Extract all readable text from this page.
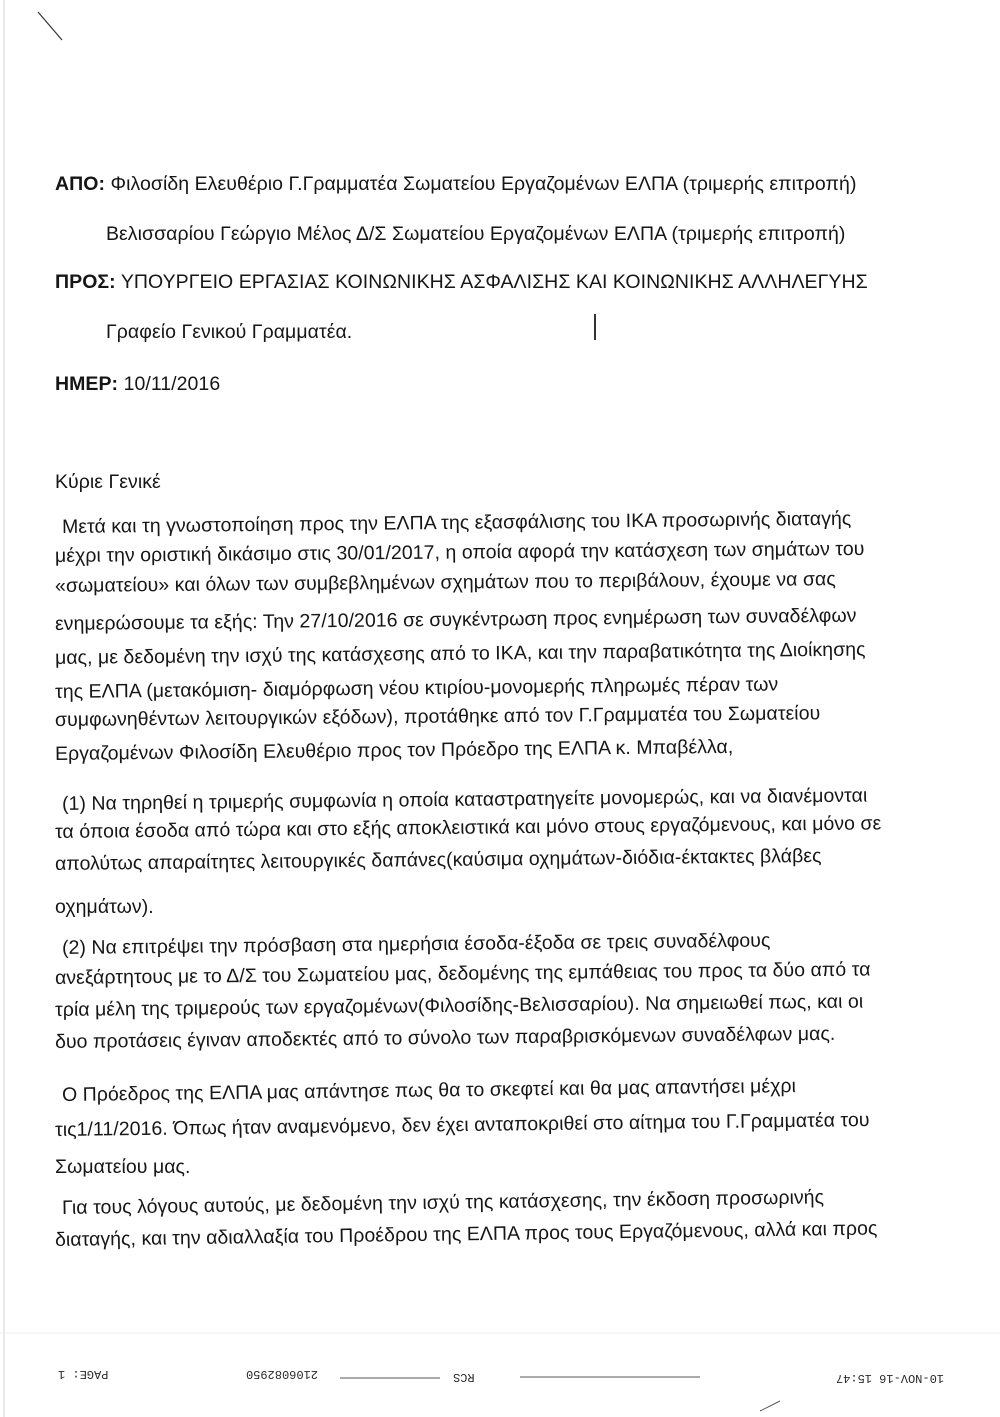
ΑΠΟ: Φιλοσίδη Ελευθέριο Γ.Γραμματέα Σωματείου Εργαζομένων ΕΛΠΑ (τριμερής επιτροπή)
Βελισσαρίου Γεώργιο Μέλος Δ/Σ Σωματείου Εργαζομένων ΕΛΠΑ (τριμερής επιτροπή)
ΠΡΟΣ: ΥΠΟΥΡΓΕΙΟ ΕΡΓΑΣΙΑΣ ΚΟΙΝΩΝΙΚΗΣ ΑΣΦΑΛΙΣΗΣ ΚΑΙ ΚΟΙΝΩΝΙΚΗΣ ΑΛΛΗΛΕΓΥΗΣ
Γραφείο Γενικού Γραμματέα.
ΗΜΕΡ: 10/11/2016
Κύριε Γενικέ
Μετά και τη γνωστοποίηση προς την ΕΛΠΑ της εξασφάλισης του ΙΚΑ προσωρινής διαταγής
μέχρι την οριστική δικάσιμο στις 30/01/2017, η οποία αφορά την κατάσχεση των σημάτων του
«σωματείου» και όλων των συμβεβλημένων σχημάτων που το περιβάλουν, έχουμε να σας
ενημερώσουμε τα εξής: Την 27/10/2016 σε συγκέντρωση προς ενημέρωση των συναδέλφων
μας, με δεδομένη την ισχύ της κατάσχεσης από το ΙΚΑ, και την παραβατικότητα της Διοίκησης
της ΕΛΠΑ (μετακόμιση- διαμόρφωση νέου κτιρίου-μονομερής πληρωμές πέραν των
συμφωνηθέντων λειτουργικών εξόδων), προτάθηκε από τον Γ.Γραμματέα του Σωματείου
Εργαζομένων Φιλοσίδη Ελευθέριο προς τον Πρόεδρο της ΕΛΠΑ κ. Μπαβέλλα,
(1) Να τηρηθεί η τριμερής συμφωνία η οποία καταστρατηγείτε μονομερώς, και να διανέμονται
τα όποια έσοδα από τώρα και στο εξής αποκλειστικά και μόνο στους εργαζόμενους, και μόνο σε
απολύτως απαραίτητες λειτουργικές δαπάνες(καύσιμα οχημάτων-διόδια-έκτακτες βλάβες
οχημάτων).
(2) Να επιτρέψει την πρόσβαση στα ημερήσια έσοδα-έξοδα σε τρεις συναδέλφους
ανεξάρτητους με το Δ/Σ του Σωματείου μας, δεδομένης της εμπάθειας του προς τα δύο από τα
τρία μέλη της τριμερούς των εργαζομένων(Φιλοσίδης-Βελισσαρίου). Να σημειωθεί πως, και οι
δυο προτάσεις έγιναν αποδεκτές από το σύνολο των παραβρισκόμενων συναδέλφων μας.
Ο Πρόεδρος της ΕΛΠΑ μας απάντησε πως θα το σκεφτεί και θα μας απαντήσει μέχρι
τις1/11/2016. Όπως ήταν αναμενόμενο, δεν έχει ανταποκριθεί στο αίτημα του Γ.Γραμματέα του
Σωματείου μας.
Για τους λόγους αυτούς, με δεδομένη την ισχύ της κατάσχεσης, την έκδοση προσωρινής
διαταγής, και την αδιαλλαξία του Προέδρου της ΕΛΠΑ προς τους Εργαζόμενους, αλλά και προς
PAGE: 1	2106082950	RCS	10-NOV-16 15:47
